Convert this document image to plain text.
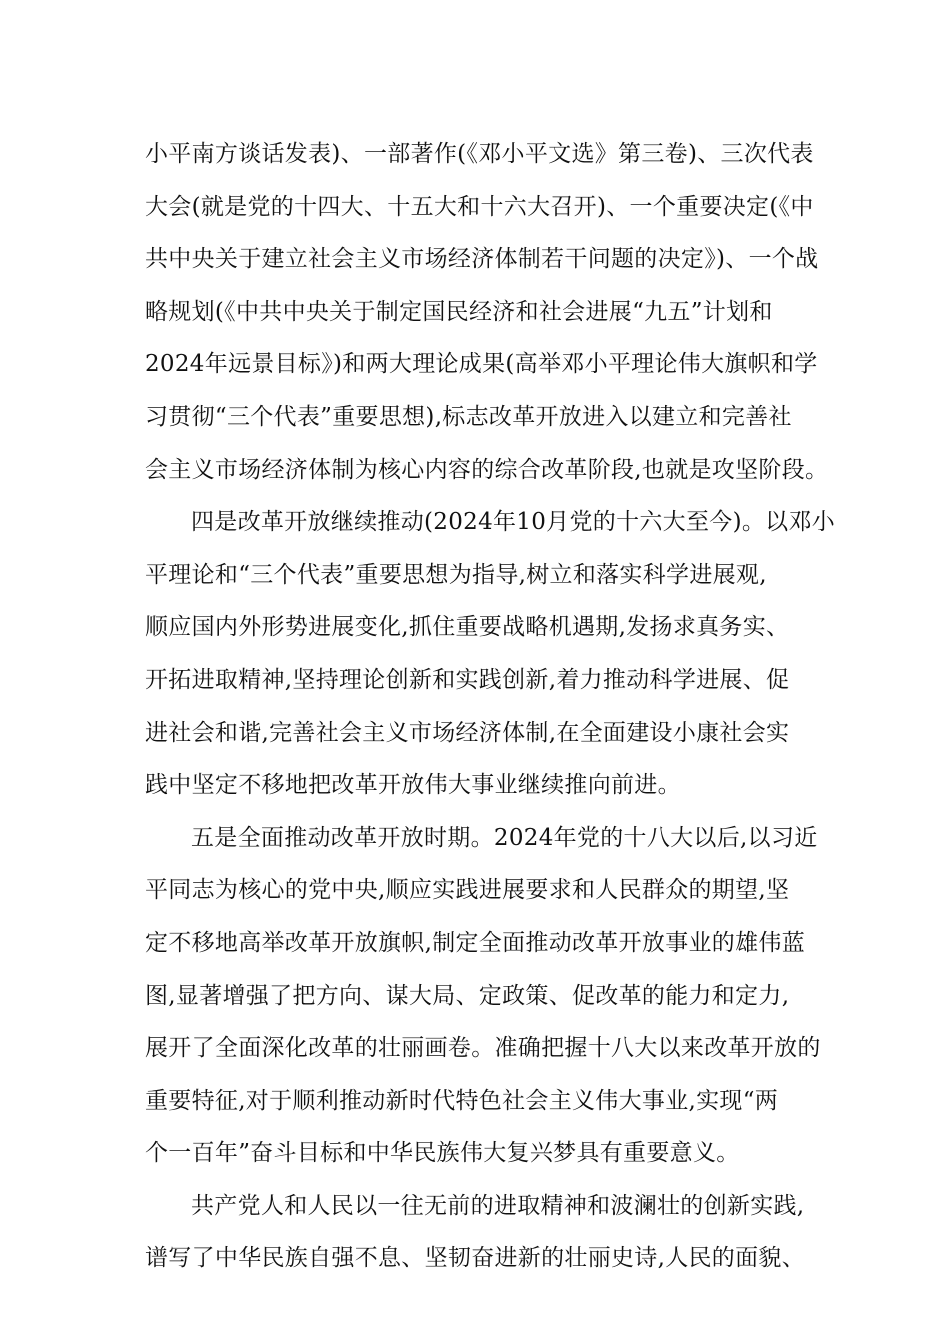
小平南方谈话发表)、一部著作(《邓小平文选》第三卷)、三次代表
大会(就是党的十四大、十五大和十六大召开)、一个重要决定(《中
共中央关于建立社会主义市场经济体制若干问题的决定》)、一个战
略规划(《中共中央关于制定国民经济和社会进展“九五”计划和
2024年远景目标》)和两大理论成果(高举邓小平理论伟大旗帜和学
习贯彻“三个代表”重要思想),标志改革开放进入以建立和完善社
会主义市场经济体制为核心内容的综合改革阶段,也就是攻坚阶段。
四是改革开放继续推动(2024年10月党的十六大至今)。以邓小
平理论和“三个代表”重要思想为指导,树立和落实科学进展观,
顺应国内外形势进展变化,抓住重要战略机遇期,发扬求真务实、
开拓进取精神,坚持理论创新和实践创新,着力推动科学进展、促
进社会和谐,完善社会主义市场经济体制,在全面建设小康社会实
践中坚定不移地把改革开放伟大事业继续推向前进。
五是全面推动改革开放时期。2024年党的十八大以后,以习近
平同志为核心的党中央,顺应实践进展要求和人民群众的期望,坚
定不移地高举改革开放旗帜,制定全面推动改革开放事业的雄伟蓝
图,显著增强了把方向、谋大局、定政策、促改革的能力和定力,
展开了全面深化改革的壮丽画卷。准确把握十八大以来改革开放的
重要特征,对于顺利推动新时代特色社会主义伟大事业,实现“两
个一百年”奋斗目标和中华民族伟大复兴梦具有重要意义。
共产党人和人民以一往无前的进取精神和波澜壮的创新实践,
谱写了中华民族自强不息、坚韧奋进新的壮丽史诗,人民的面貌、
